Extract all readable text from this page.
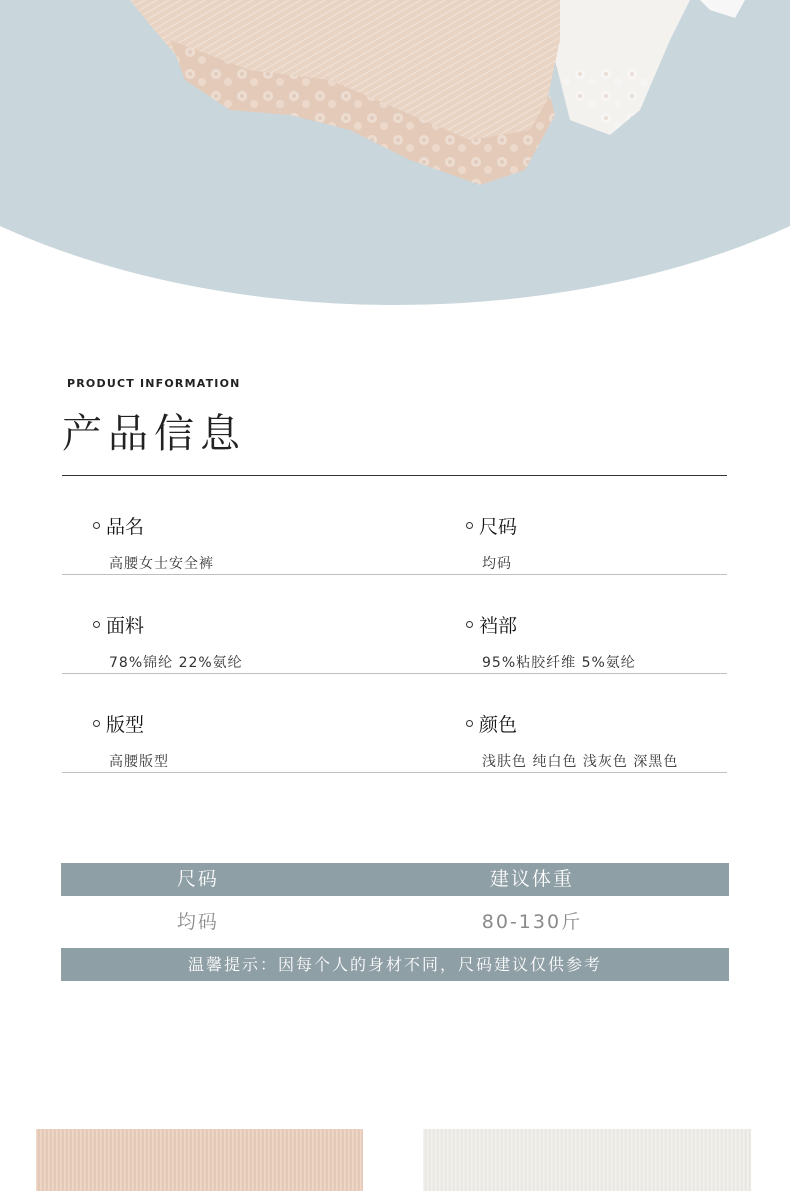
PRODUCT INFORMATION
产品信息
品名
高腰女士安全裤
尺码
均码
面料
78%锦纶 22%氨纶
裆部
95%粘胶纤维 5%氨纶
版型
高腰版型
颜色
浅肤色 纯白色 浅灰色 深黑色
尺码	建议体重
均码	80-130斤
温馨提示：因每个人的身材不同，尺码建议仅供参考
